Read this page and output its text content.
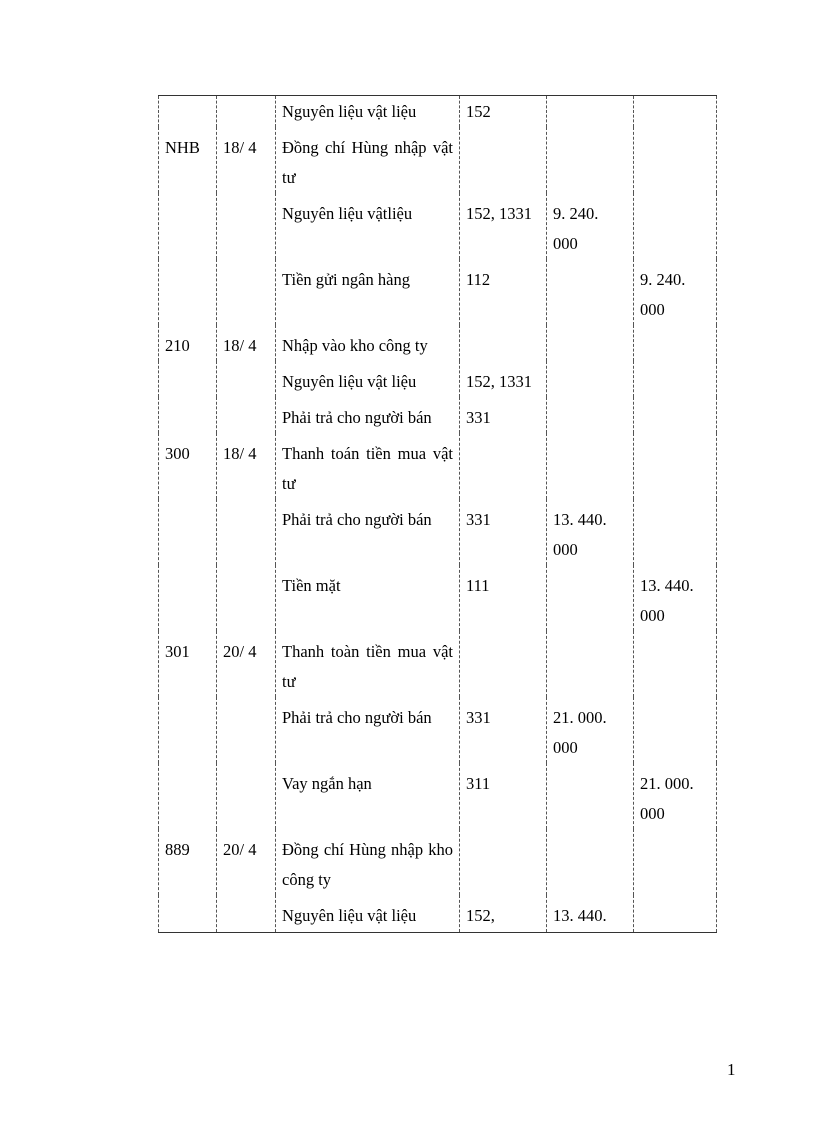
		Nguyên liệu vật liệu	152		
NHB	18/ 4	Đồng chí Hùng nhập vật tư			
		Nguyên liệu vậtliệu	152, 1331	9. 240. 000	
		Tiền gửi ngân hàng	112		9. 240. 000
210	18/ 4	Nhập vào kho công ty			
		Nguyên liệu vật liệu	152, 1331		
		Phải trả cho người bán	331		
300	18/ 4	Thanh toán tiền mua vật tư			
		Phải trả cho người bán	331	13. 440. 000	
		Tiền mặt	111		13. 440. 000
301	20/ 4	Thanh toàn tiền mua vật tư			
		Phải trả cho người bán	331	21. 000. 000	
		Vay ngắn hạn	311		21. 000. 000
889	20/ 4	Đồng chí Hùng nhập kho công ty			
		Nguyên liệu vật liệu	152,	13. 440.	
1
